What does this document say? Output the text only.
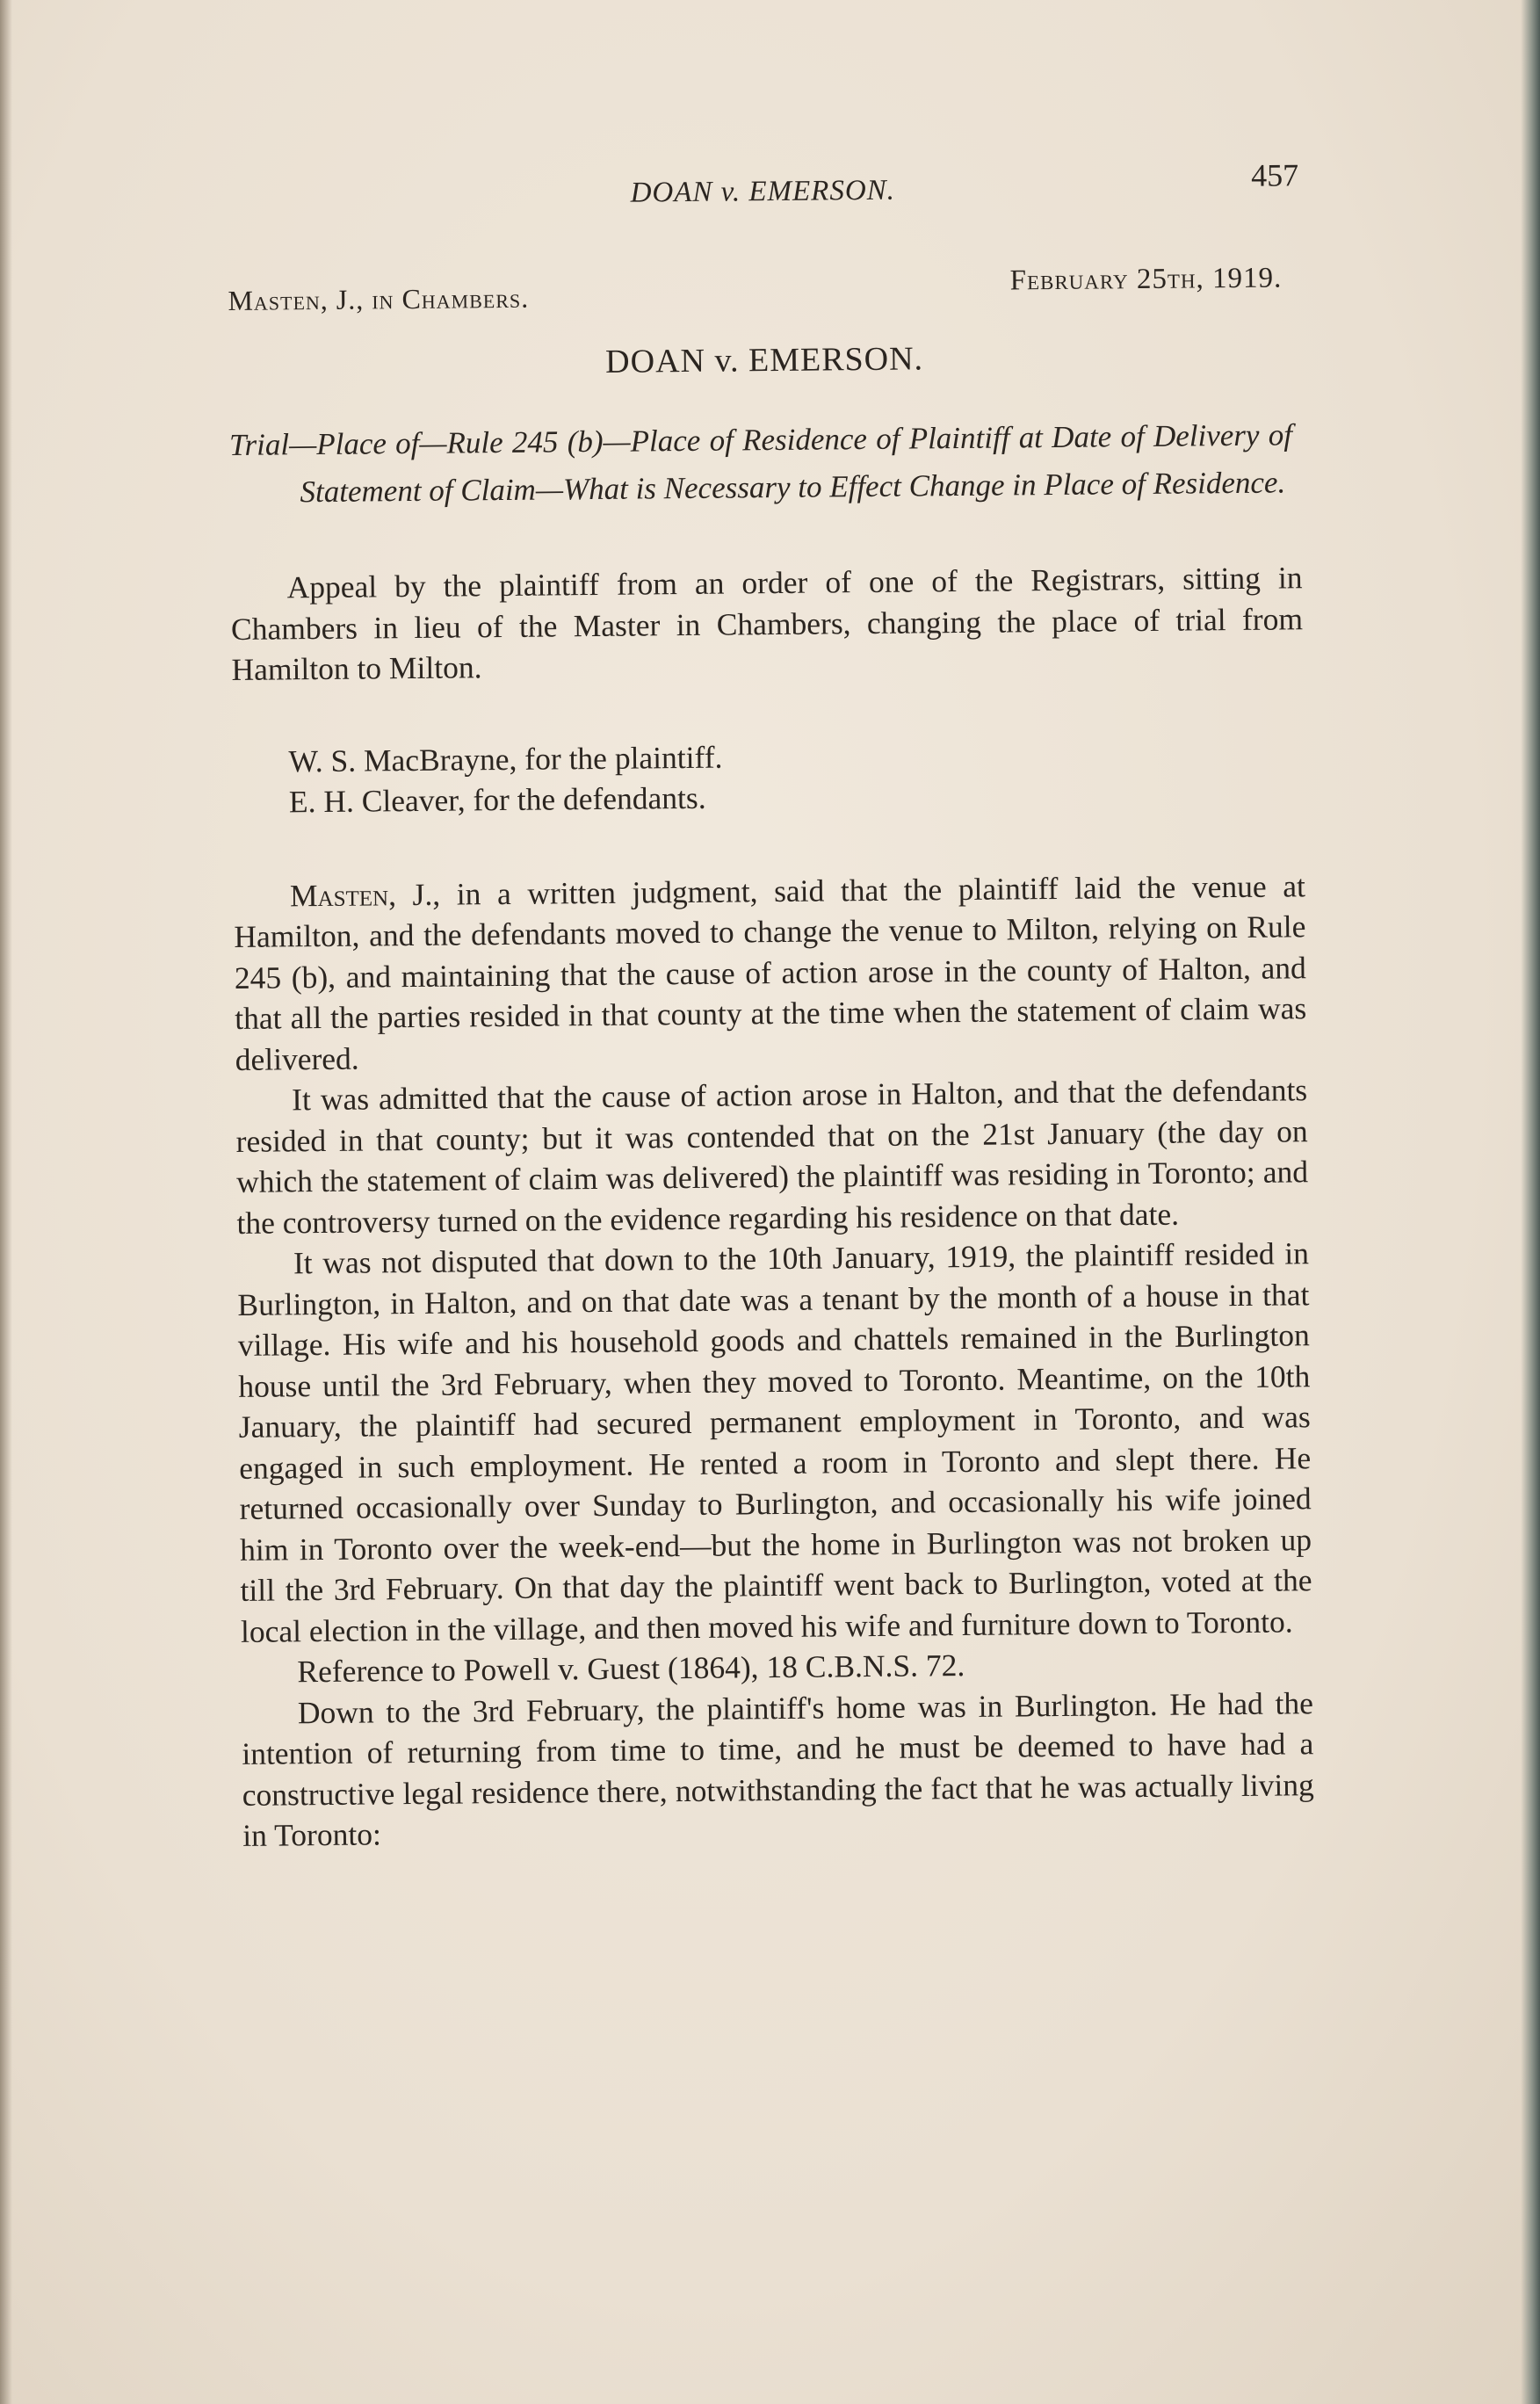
DOAN v. EMERSON.	457
Masten, J., in Chambers.
February 25th, 1919.
DOAN v. EMERSON.
Trial—Place of—Rule 245 (b)—Place of Residence of Plaintiff at Date of Delivery of Statement of Claim—What is Necessary to Effect Change in Place of Residence.

Appeal by the plaintiff from an order of one of the Registrars, sitting in Chambers in lieu of the Master in Chambers, changing the place of trial from Hamilton to Milton.

W. S. MacBrayne, for the plaintiff.
E. H. Cleaver, for the defendants.

Masten, J., in a written judgment, said that the plaintiff laid the venue at Hamilton, and the defendants moved to change the venue to Milton, relying on Rule 245 (b), and maintaining that the cause of action arose in the county of Halton, and that all the parties resided in that county at the time when the statement of claim was delivered.

It was admitted that the cause of action arose in Halton, and that the defendants resided in that county; but it was contended that on the 21st January (the day on which the statement of claim was delivered) the plaintiff was residing in Toronto; and the controversy turned on the evidence regarding his residence on that date.

It was not disputed that down to the 10th January, 1919, the plaintiff resided in Burlington, in Halton, and on that date was a tenant by the month of a house in that village. His wife and his household goods and chattels remained in the Burlington house until the 3rd February, when they moved to Toronto. Meantime, on the 10th January, the plaintiff had secured permanent employment in Toronto, and was engaged in such employment. He rented a room in Toronto and slept there. He returned occasionally over Sunday to Burlington, and occasionally his wife joined him in Toronto over the week-end—but the home in Burlington was not broken up till the 3rd February. On that day the plaintiff went back to Burlington, voted at the local election in the village, and then moved his wife and furniture down to Toronto.

Reference to Powell v. Guest (1864), 18 C.B.N.S. 72.

Down to the 3rd February, the plaintiff's home was in Burlington. He had the intention of returning from time to time, and he must be deemed to have had a constructive legal residence there, notwithstanding the fact that he was actually living in Toronto:
